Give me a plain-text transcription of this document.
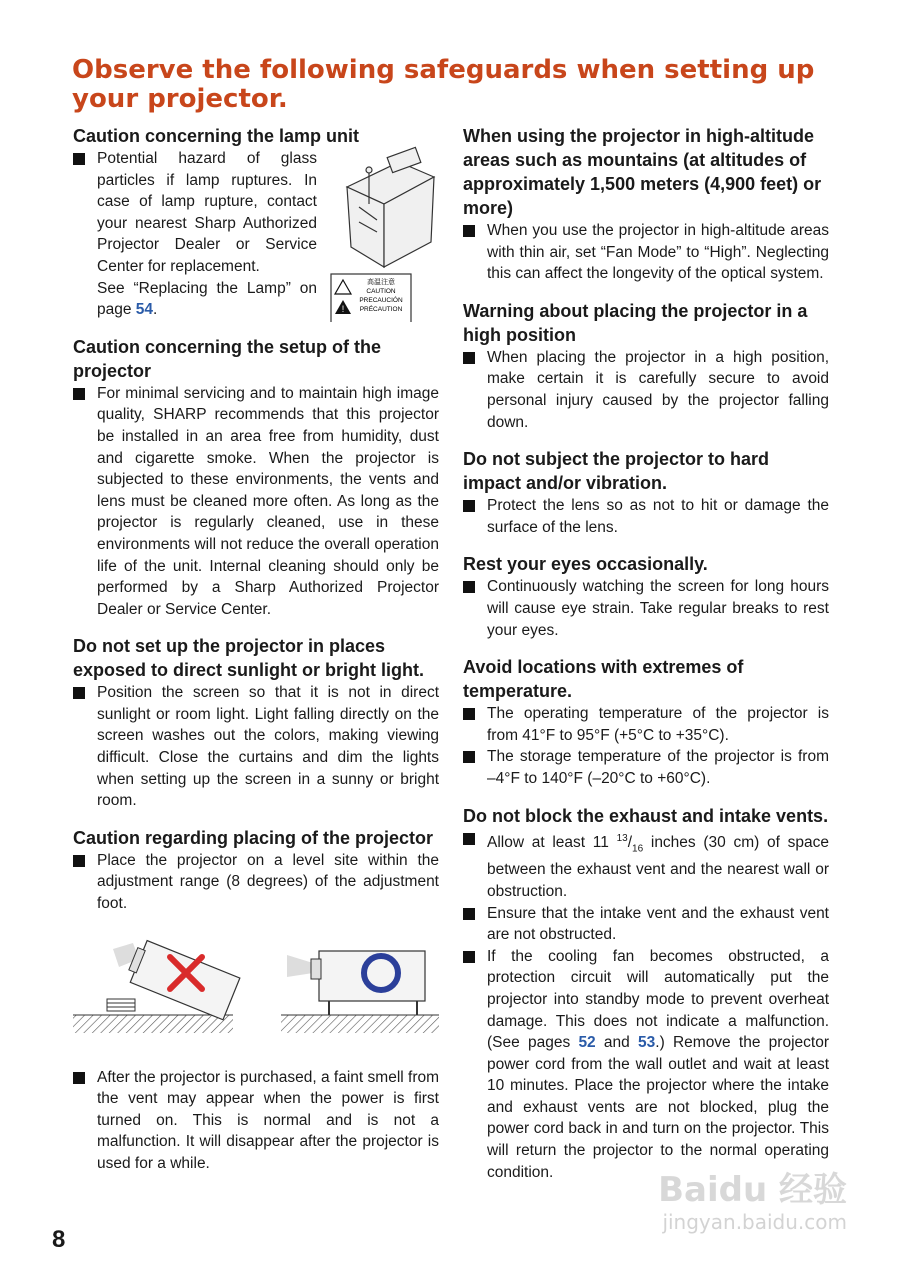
Observe the following safeguards when setting up your projector.
Caution concerning the lamp unit
Potential hazard of glass particles if lamp ruptures. In case of lamp rupture, contact your nearest Sharp Authorized Projector Dealer or Service Center for replacement.
See “Replacing the Lamp” on page 54.	!
高温注意
CAUTION
PRECAUCIÓN
PRÉCAUTION
Caution concerning the setup of the projector
For minimal servicing and to maintain high image quality, SHARP recommends that this projector be installed in an area free from humidity, dust and cigarette smoke. When the projector is subjected to these environments, the vents and lens must be cleaned more often. As long as the projector is regularly cleaned, use in these environments will not reduce the overall operation life of the unit. Internal cleaning should only be performed by a Sharp Authorized Projector Dealer or Service Center.
Do not set up the projector in places exposed to direct sunlight or bright light.
Position the screen so that it is not in direct sunlight or room light. Light falling directly on the screen washes out the colors, making viewing difficult. Close the curtains and dim the lights when setting up the screen in a sunny or bright room.
Caution regarding placing of the projector
Place the projector on a level site within the adjustment range (8 degrees) of the adjustment foot.
After the projector is purchased, a faint smell from the vent may appear when the power is first turned on. This is normal and is not a malfunction. It will disappear after the projector is used for a while.
When using the projector in high-altitude areas such as mountains (at altitudes of approximately 1,500 meters (4,900 feet) or more)
When you use the projector in high-altitude areas with thin air, set “Fan Mode” to “High”. Neglecting this can affect the longevity of the optical system.
Warning about placing the projector in a high position
When placing the projector in a high position, make certain it is carefully secure to avoid personal injury caused by the projector falling down.
Do not subject the projector to hard impact and/or vibration.
Protect the lens so as not to hit or damage the surface of the lens.
Rest your eyes occasionally.
Continuously watching the screen for long hours will cause eye strain. Take regular breaks to rest your eyes.
Avoid locations with extremes of temperature.
The operating temperature of the projector is from 41°F to 95°F (+5°C to +35°C).
The storage temperature of the projector is from –4°F to 140°F (–20°C to +60°C).
Do not block the exhaust and intake vents.
Allow at least 11 $^{13}/_{16}$ inches (30 cm) of space between the exhaust vent and the nearest wall or obstruction.
Ensure that the intake vent and the exhaust vent are not obstructed.
If the cooling fan becomes obstructed, a protection circuit will automatically put the projector into standby mode to prevent overheat damage. This does not indicate a malfunction. (See pages 52 and 53.) Remove the projector power cord from the wall outlet and wait at least 10 minutes. Place the projector where the intake and exhaust vents are not blocked, plug the power cord back in and turn on the projector. This will return the projector to the normal operating condition.
8
Baidu 经验
jingyan.baidu.com
